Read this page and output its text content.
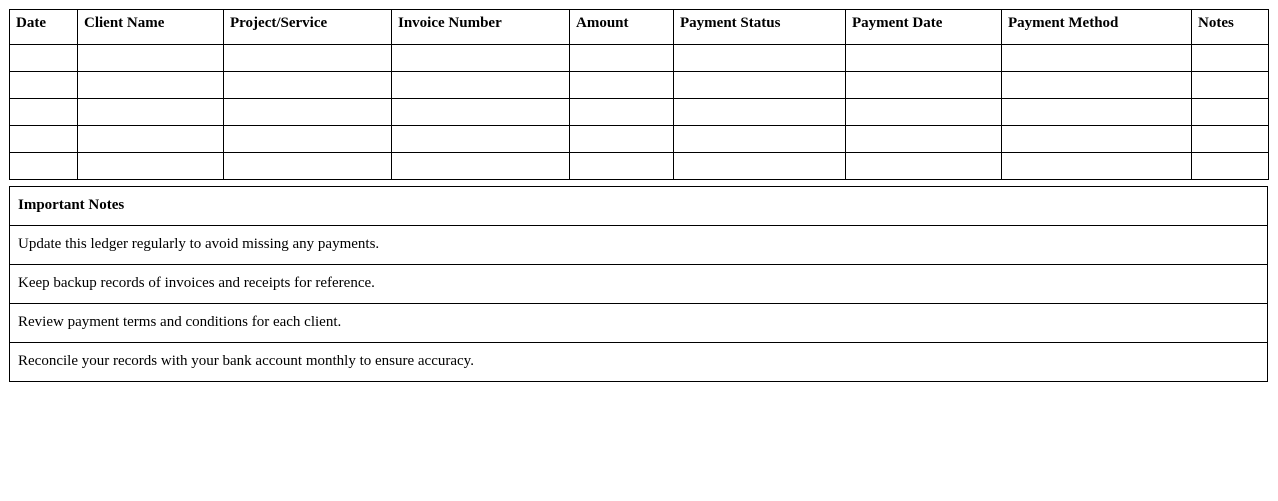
Date	Client Name	Project/Service	Invoice Number	Amount	Payment Status	Payment Date	Payment Method	Notes

Important Notes
Update this ledger regularly to avoid missing any payments.
Keep backup records of invoices and receipts for reference.
Review payment terms and conditions for each client.
Reconcile your records with your bank account monthly to ensure accuracy.
